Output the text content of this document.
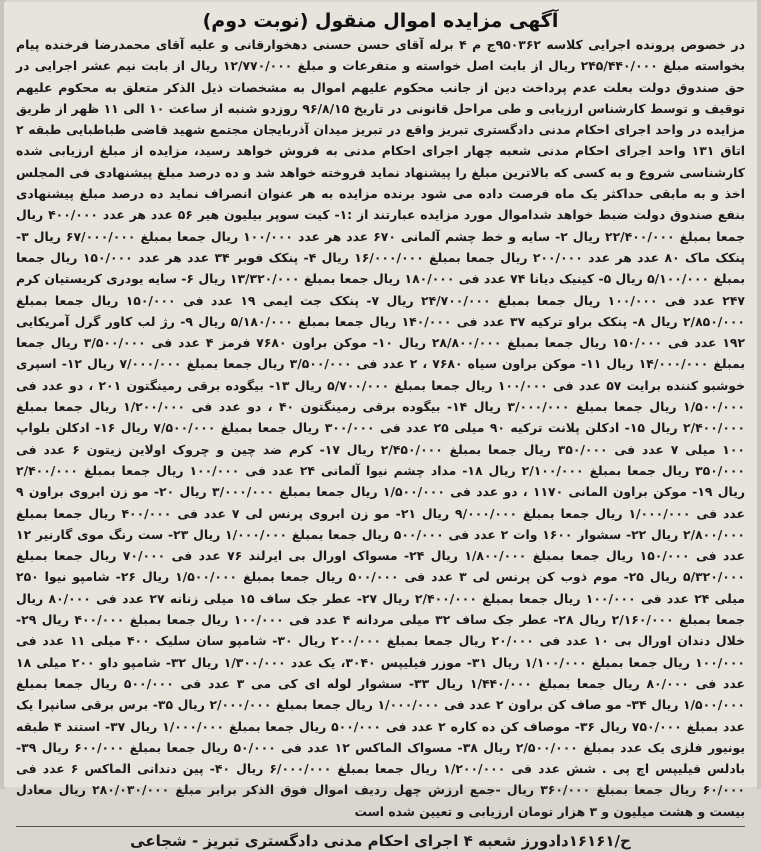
آگهی مزایده اموال منقول (نوبت دوم)

در خصوص پرونده اجرایی کلاسه ۹۵۰۳۶۲ج م ۴ برله آقای حسن حسنی دهخوارقانی و علیه آقای محمدرضا فرخنده پیام بخواسته مبلغ ۲۴۵/۴۴۰/۰۰۰ ریال از بابت اصل خواسته و متفرعات و مبلغ ۱۲/۷۷۰/۰۰۰ ریال از بابت نیم عشر اجرایی در حق صندوق دولت بعلت عدم پرداخت دین از جانب محکوم علیهم اموال به مشخصات ذیل الذکر متعلق به محکوم علیهم توقیف و توسط کارشناس ارزیابی و طی مراحل قانونی در تاریخ ۹۶/۸/۱۵ روزدو شنبه از ساعت ۱۰ الی ۱۱ ظهر از طریق مزایده در واحد اجرای احکام مدنی دادگستری تبریز واقع در تبریز میدان آذربایجان مجتمع شهید قاضی طباطبایی طبقه ۲ اتاق ۱۳۱ واحد اجرای احکام مدنی شعبه چهار اجرای احکام مدنی به فروش خواهد رسید، مزایده از مبلغ ارزیابی شده کارشناسی شروع و به کسی که بالاترین مبلغ را پیشنهاد نماید فروخته خواهد شد و ده درصد مبلغ پیشنهادی فی المجلس اخذ و به مابقی حداکثر یک ماه فرصت داده می شود برنده مزایده به هر عنوان انصراف نماید ده درصد مبلغ پیشنهادی بنفع صندوق دولت ضبط خواهد شداموال مورد مزایده عبارتند از :۱- کیت سوپر بیلیون هیر ۵۶ عدد هر عدد ۴۰۰/۰۰۰ ریال جمعا بمبلغ ۲۲/۴۰۰/۰۰۰ ریال ۲- سایه و خط چشم آلمانی ۶۷۰ عدد هر عدد ۱۰۰/۰۰۰ ریال جمعا بمبلغ ۶۷/۰۰۰/۰۰۰ ریال ۳- پنکک ماک ۸۰ عدد هر عدد ۲۰۰/۰۰۰ ریال جمعا بمبلغ ۱۶/۰۰۰/۰۰۰ ریال ۴- پنکک فوبر ۳۴ عدد هر عدد ۱۵۰/۰۰۰ ریال جمعا بمبلغ ۵/۱۰۰/۰۰۰ ریال ۵- کینیک دیانا ۷۴ عدد فی ۱۸۰/۰۰۰ ریال جمعا بمبلغ ۱۳/۳۲۰/۰۰۰ ریال ۶- سایه یودری کریستیان کرم ۲۴۷ عدد فی ۱۰۰/۰۰۰ ریال جمعا بمبلغ ۲۴/۷۰۰/۰۰۰ ریال ۷- پنکک جت ایمی ۱۹ عدد فی ۱۵۰/۰۰۰ ریال جمعا بمبلغ ۲/۸۵۰/۰۰۰ ریال ۸- پنکک براو ترکیه ۳۷ عدد فی ۱۴۰/۰۰۰ ریال جمعا بمبلغ ۵/۱۸۰/۰۰۰ ریال ۹- رژ لب کاور گرل آمریکایی ۱۹۲ عدد فی ۱۵۰/۰۰۰ ریال جمعا بمبلغ ۲۸/۸۰۰/۰۰۰ ریال ۱۰- موکن براون ۷۶۸۰ فرمز ۴ عدد فی ۳/۵۰۰/۰۰۰ ریال جمعا بمبلغ ۱۴/۰۰۰/۰۰۰ ریال ۱۱- موکن براون سیاه ۷۶۸۰ ، ۲ عدد فی ۳/۵۰۰/۰۰۰ ریال جمعا بمبلغ ۷/۰۰۰/۰۰۰ ریال ۱۲- اسپری خوشبو کننده برایت ۵۷ عدد فی ۱۰۰/۰۰۰ ریال جمعا بمبلغ ۵/۷۰۰/۰۰۰ ریال ۱۳- بیگوده برقی رمینگتون ۲۰۱ ، دو عدد فی ۱/۵۰۰/۰۰۰ ریال جمعا بمبلغ ۳/۰۰۰/۰۰۰ ریال ۱۴- بیگوده برقی رمینگتون ۴۰ ، دو عدد فی ۱/۲۰۰/۰۰۰ ریال جمعا بمبلغ ۲/۴۰۰/۰۰۰ ریال ۱۵- ادکلن پلانت ترکیه ۹۰ میلی ۲۵ عدد فی ۳۰۰/۰۰۰ ریال جمعا بمبلغ ۷/۵۰۰/۰۰۰ ریال ۱۶- ادکلن بلواپ ۱۰۰ میلی ۷ عدد فی ۳۵۰/۰۰۰ ریال جمعا بمبلغ ۲/۴۵۰/۰۰۰ ریال ۱۷- کرم ضد چین و چروک اولاین زیتون ۶ عدد فی ۳۵۰/۰۰۰ ریال جمعا بمبلغ ۲/۱۰۰/۰۰۰ ریال ۱۸- مداد چشم نیوا آلمانی ۲۴ عدد فی ۱۰۰/۰۰۰ ریال جمعا بمبلغ ۲/۴۰۰/۰۰۰ ریال ۱۹- موکن براون المانی ۱۱۷۰ ، دو عدد فی ۱/۵۰۰/۰۰۰ ریال جمعا بمبلغ ۳/۰۰۰/۰۰۰ ریال ۲۰- مو زن ابروی براون ۹ عدد فی ۱/۰۰۰/۰۰۰ ریال جمعا بمبلغ ۹/۰۰۰/۰۰۰ ریال ۲۱- مو زن ابروی پرنس لی ۷ عدد فی ۴۰۰/۰۰۰ ریال جمعا بمبلغ ۲/۸۰۰/۰۰۰ ریال ۲۲- سشوار ۱۶۰۰ وات ۲ عدد فی ۵۰۰/۰۰۰ ریال جمعا بمبلغ ۱/۰۰۰/۰۰۰ ریال ۲۳- ست رنگ موی گارنیر ۱۲ عدد فی ۱۵۰/۰۰۰ ریال جمعا بمبلغ ۱/۸۰۰/۰۰۰ ریال ۲۴- مسواک اورال بی ایرلند ۷۶ عدد فی ۷۰/۰۰۰ ریال جمعا بمبلغ ۵/۳۲۰/۰۰۰ ریال ۲۵- موم ذوب کن پرنس لی ۳ عدد فی ۵۰۰/۰۰۰ ریال جمعا بمبلغ ۱/۵۰۰/۰۰۰ ریال ۲۶- شامپو نیوا ۲۵۰ میلی ۲۴ عدد فی ۱۰۰/۰۰۰ ریال جمعا بمبلغ ۲/۴۰۰/۰۰۰ ریال ۲۷- عطر جک ساف ۱۵ میلی زنانه ۲۷ عدد فی ۸۰/۰۰۰ ریال جمعا بمبلغ ۲/۱۶۰/۰۰۰ ریال ۲۸- عطر جک ساف ۳۲ میلی مردانه ۴ عدد فی ۱۰۰/۰۰۰ ریال جمعا بمبلغ ۴۰۰/۰۰۰ ریال ۲۹- خلال دندان اورال بی ۱۰ عدد فی ۲۰/۰۰۰ ریال جمعا بمبلغ ۲۰۰/۰۰۰ ریال ۳۰- شامپو سان سلیک ۴۰۰ میلی ۱۱ عدد فی ۱۰۰/۰۰۰ ریال جمعا بمبلغ ۱/۱۰۰/۰۰۰ ریال ۳۱- موزر فیلیپس ۳۰۴۰، یک عدد ۱/۳۰۰/۰۰۰ ریال ۳۲- شامپو داو ۲۰۰ میلی ۱۸ عدد فی ۸۰/۰۰۰ ریال جمعا بمبلغ ۱/۴۴۰/۰۰۰ ریال ۳۳- سشوار لوله ای کی می ۳ عدد فی ۵۰۰/۰۰۰ ریال جمعا بمبلغ ۱/۵۰۰/۰۰۰ ریال ۳۴- مو صاف کن براون ۲ عدد فی ۱/۰۰۰/۰۰۰ ریال جمعا بمبلغ ۲/۰۰۰/۰۰۰ ریال ۳۵- برس برقی سانپرا یک عدد بمبلغ ۷۵۰/۰۰۰ ریال ۳۶- موصاف کن ده کاره ۲ عدد فی ۵۰۰/۰۰۰ ریال جمعا بمبلغ ۱/۰۰۰/۰۰۰ ریال ۳۷- استند ۴ طبقه یونیور فلزی یک عدد بمبلغ ۲/۵۰۰/۰۰۰ ریال ۳۸- مسواک الماکس ۱۲ عدد فی ۵۰/۰۰۰ ریال جمعا بمبلغ ۶۰۰/۰۰۰ ریال ۳۹- بادلس فیلیپس اچ پی . شش عدد فی ۱/۲۰۰/۰۰۰ ریال جمعا بمبلغ ۶/۰۰۰/۰۰۰ ریال ۴۰- پین دندانی الماکس ۶ عدد فی ۶۰/۰۰۰ ریال جمعا بمبلغ ۳۶۰/۰۰۰ ریال -جمع ارزش چهل ردیف اموال فوق الذکر برابر مبلغ ۲۸۰/۰۳۰/۰۰۰ ریال معادل بیست و هشت میلیون و ۳ هزار تومان ارزیابی و تعیین شده است

ح/۱۶۱۶۱دادورز شعبه ۴ اجرای احکام مدنی دادگستری تبریز - شجاعی
